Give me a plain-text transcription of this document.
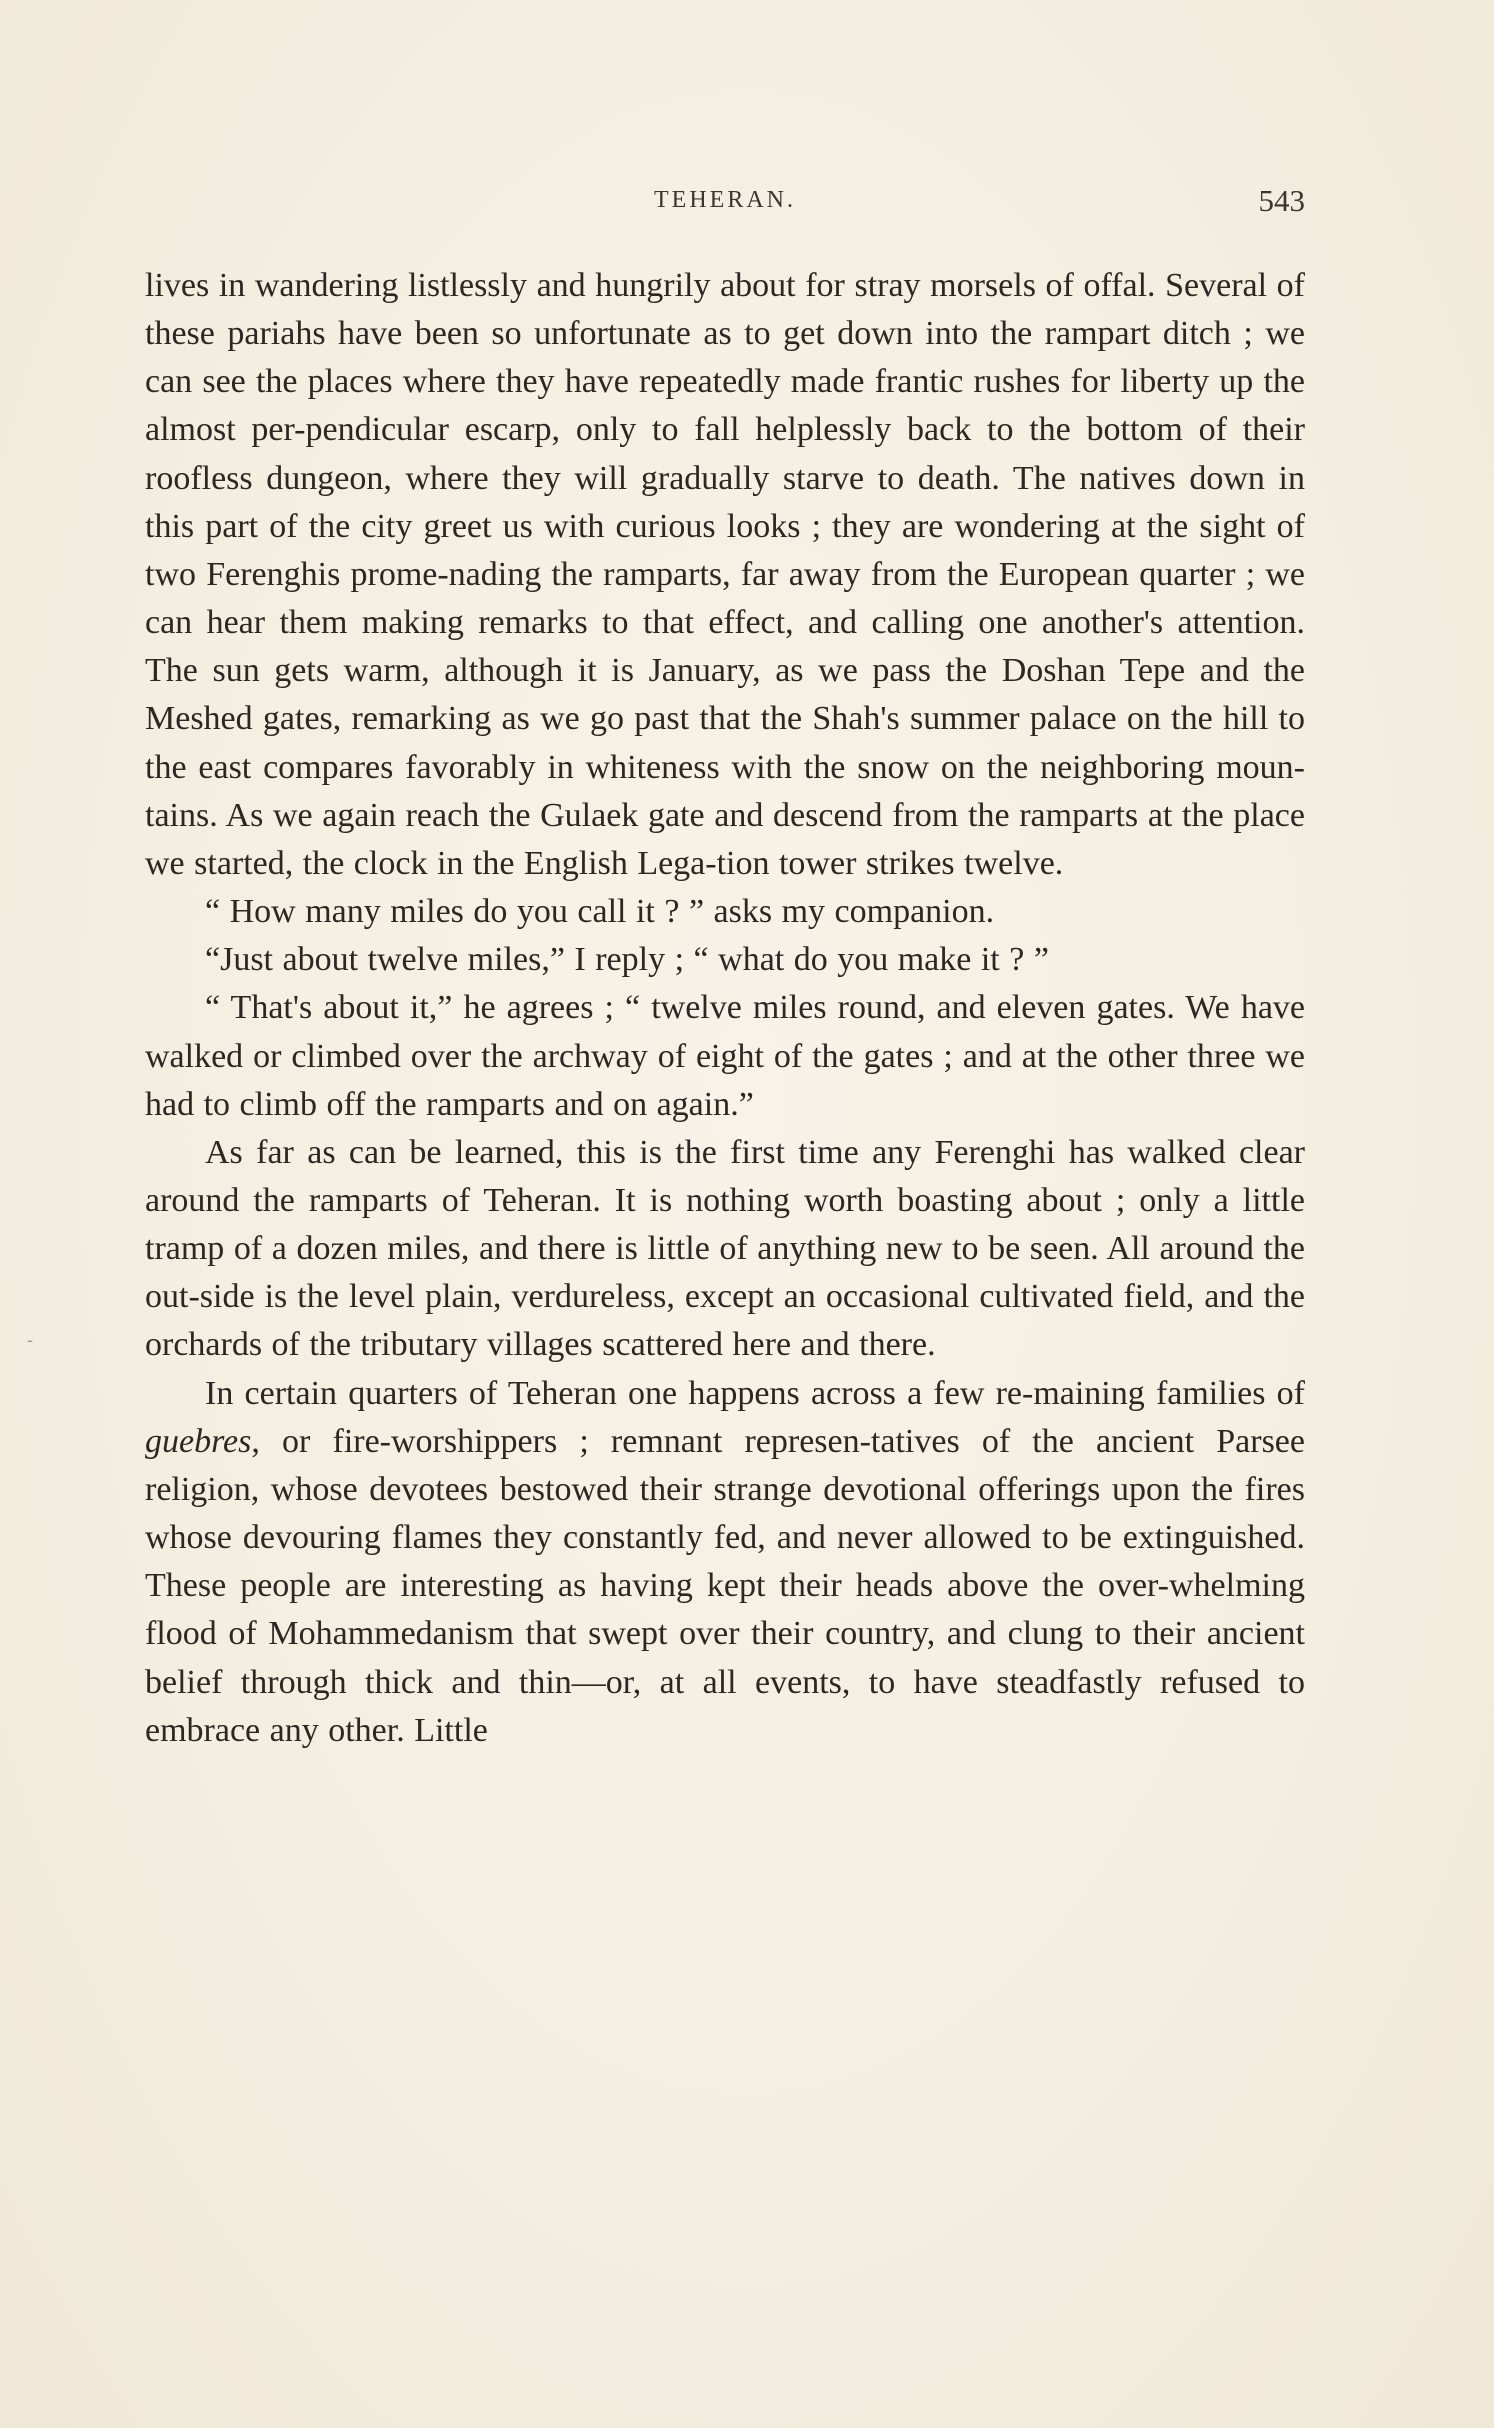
TEHERAN.	543

lives in wandering listlessly and hungrily about for stray morsels of offal. Several of these pariahs have been so unfortunate as to get down into the rampart ditch ; we can see the places where they have repeatedly made frantic rushes for liberty up the almost per-pendicular escarp, only to fall helplessly back to the bottom of their roofless dungeon, where they will gradually starve to death. The natives down in this part of the city greet us with curious looks ; they are wondering at the sight of two Ferenghis prome-nading the ramparts, far away from the European quarter ; we can hear them making remarks to that effect, and calling one another's attention. The sun gets warm, although it is January, as we pass the Doshan Tepe and the Meshed gates, remarking as we go past that the Shah's summer palace on the hill to the east compares favorably in whiteness with the snow on the neighboring moun-tains. As we again reach the Gulaek gate and descend from the ramparts at the place we started, the clock in the English Lega-tion tower strikes twelve.

“ How many miles do you call it ? ” asks my companion.

“Just about twelve miles,” I reply ; “ what do you make it ? ”

“ That's about it,” he agrees ; “ twelve miles round, and eleven gates. We have walked or climbed over the archway of eight of the gates ; and at the other three we had to climb off the ramparts and on again.”

As far as can be learned, this is the first time any Ferenghi has walked clear around the ramparts of Teheran. It is nothing worth boasting about ; only a little tramp of a dozen miles, and there is little of anything new to be seen. All around the out-side is the level plain, verdureless, except an occasional cultivated field, and the orchards of the tributary villages scattered here and there.

In certain quarters of Teheran one happens across a few re-maining families of guebres, or fire-worshippers ; remnant represen-tatives of the ancient Parsee religion, whose devotees bestowed their strange devotional offerings upon the fires whose devouring flames they constantly fed, and never allowed to be extinguished. These people are interesting as having kept their heads above the over-whelming flood of Mohammedanism that swept over their country, and clung to their ancient belief through thick and thin—or, at all events, to have steadfastly refused to embrace any other. Little

-
